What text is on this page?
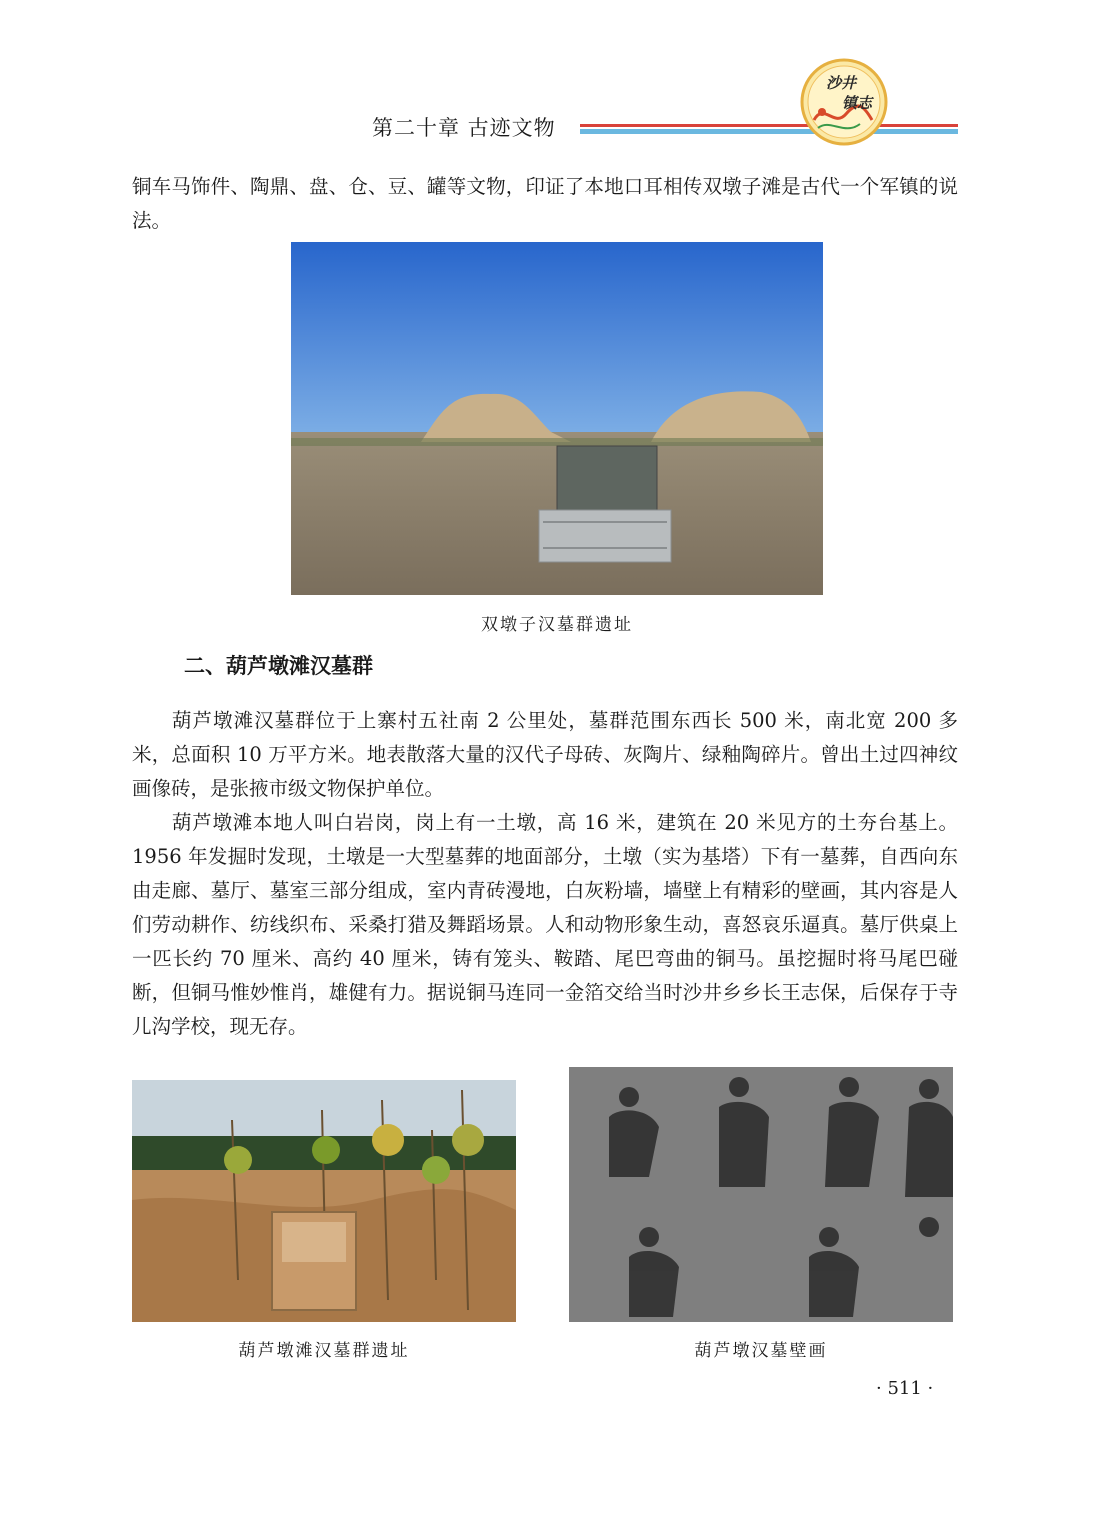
第二十章 古迹文物
沙井
镇志
铜车马饰件、陶鼎、盘、仓、豆、罐等文物，印证了本地口耳相传双墩子滩是古代一个军镇的说法。
双墩子汉墓群遗址
二、葫芦墩滩汉墓群
葫芦墩滩汉墓群位于上寨村五社南 2 公里处，墓群范围东西长 500 米，南北宽 200 多米，总面积 10 万平方米。地表散落大量的汉代子母砖、灰陶片、绿釉陶碎片。曾出土过四神纹画像砖，是张掖市级文物保护单位。
葫芦墩滩本地人叫白岩岗，岗上有一土墩，高 16 米，建筑在 20 米见方的土夯台基上。1956 年发掘时发现，土墩是一大型墓葬的地面部分，土墩（实为基塔）下有一墓葬，自西向东由走廊、墓厅、墓室三部分组成，室内青砖漫地，白灰粉墙，墙壁上有精彩的壁画，其内容是人们劳动耕作、纺线织布、采桑打猎及舞蹈场景。人和动物形象生动，喜怒哀乐逼真。墓厅供桌上一匹长约 70 厘米、高约 40 厘米，铸有笼头、鞍踏、尾巴弯曲的铜马。虽挖掘时将马尾巴碰断，但铜马惟妙惟肖，雄健有力。据说铜马连同一金箔交给当时沙井乡乡长王志保，后保存于寺儿沟学校，现无存。
葫芦墩滩汉墓群遗址	葫芦墩汉墓壁画
· 511 ·
